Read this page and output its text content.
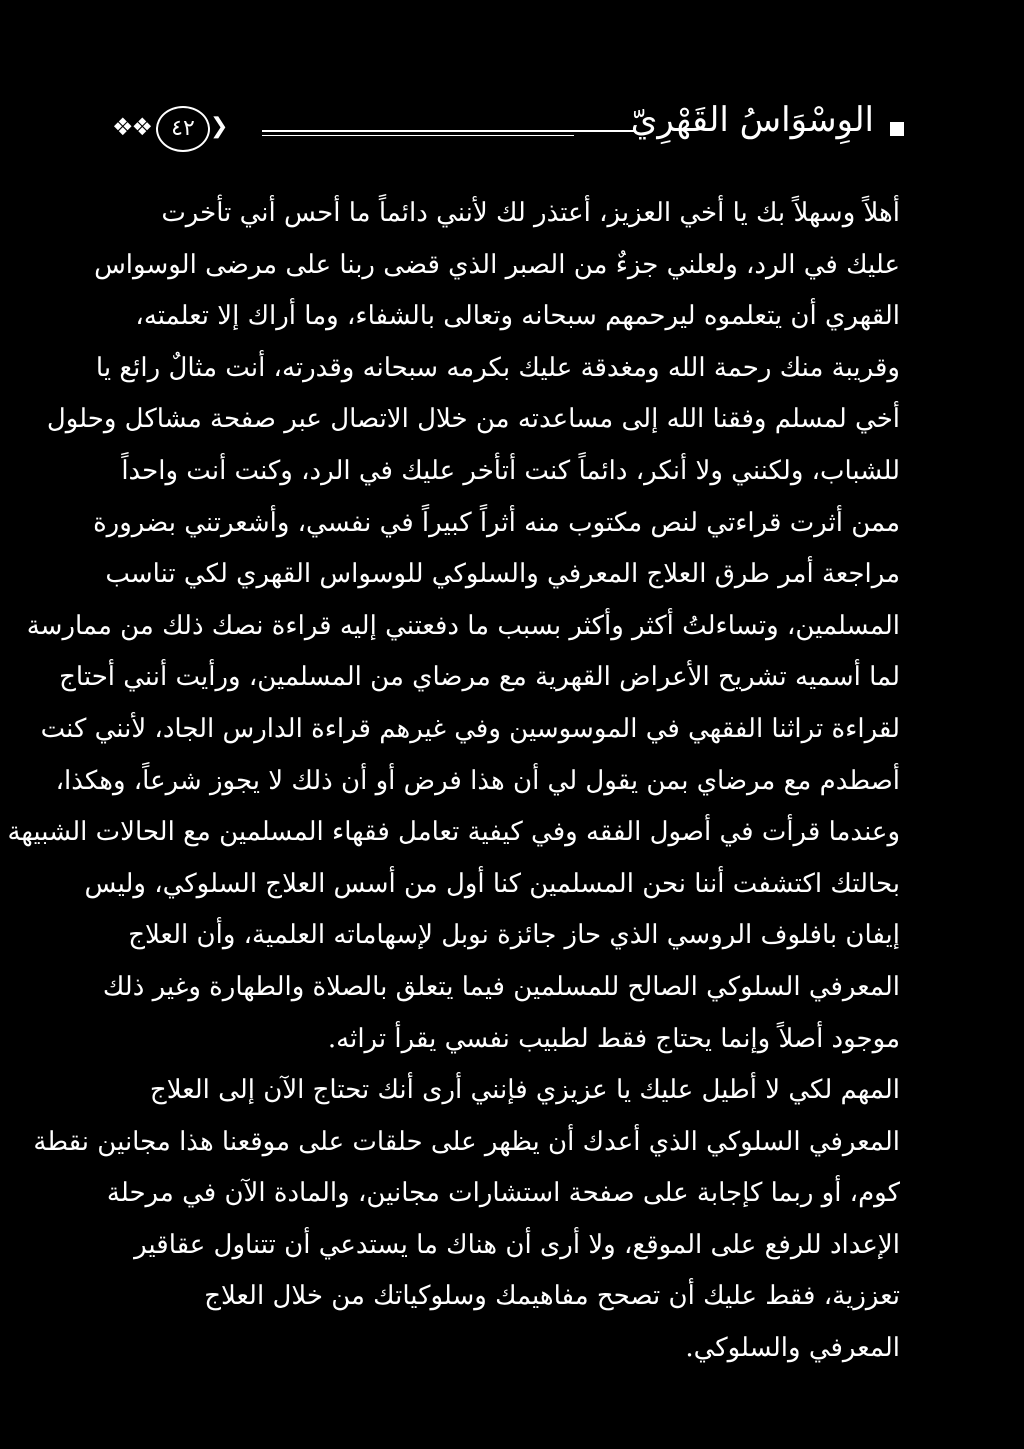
❖❖	❯
٤٢	الوِسْوَاسُ القَهْرِيّ

أهلاً وسهلاً بك يا أخي العزيز، أعتذر لك لأنني دائماً ما أحس أني تأخرت

عليك في الرد، ولعلني جزءٌ من الصبر الذي قضى ربنا على مرضى الوسواس

القهري أن يتعلموه ليرحمهم سبحانه وتعالى بالشفاء، وما أراك إلا تعلمته،

وقريبة منك رحمة الله ومغدقة عليك بكرمه سبحانه وقدرته، أنت مثالٌ رائع يا

أخي لمسلم وفقنا الله إلى مساعدته من خلال الاتصال عبر صفحة مشاكل وحلول

للشباب، ولكنني ولا أنكر، دائماً كنت أتأخر عليك في الرد، وكنت أنت واحداً

ممن أثرت قراءتي لنص مكتوب منه أثراً كبيراً في نفسي، وأشعرتني بضرورة

مراجعة أمر طرق العلاج المعرفي والسلوكي للوسواس القهري لكي تناسب

المسلمين، وتساءلتُ أكثر وأكثر بسبب ما دفعتني إليه قراءة نصك ذلك من ممارسة

لما أسميه تشريح الأعراض القهرية مع مرضاي من المسلمين، ورأيت أنني أحتاج

لقراءة تراثنا الفقهي في الموسوسين وفي غيرهم قراءة الدارس الجاد، لأنني كنت

أصطدم مع مرضاي بمن يقول لي أن هذا فرض أو أن ذلك لا يجوز شرعاً، وهكذا،

وعندما قرأت في أصول الفقه وفي كيفية تعامل فقهاء المسلمين مع الحالات الشبيهة

بحالتك اكتشفت أننا نحن المسلمين كنا أول من أسس العلاج السلوكي، وليس

إيفان بافلوف الروسي الذي حاز جائزة نوبل لإسهاماته العلمية، وأن العلاج

المعرفي السلوكي الصالح للمسلمين فيما يتعلق بالصلاة والطهارة وغير ذلك

موجود أصلاً وإنما يحتاج فقط لطبيب نفسي يقرأ تراثه.

المهم لكي لا أطيل عليك يا عزيزي فإنني أرى أنك تحتاج الآن إلى العلاج

المعرفي السلوكي الذي أعدك أن يظهر على حلقات على موقعنا هذا مجانين نقطة

كوم، أو ربما كإجابة على صفحة استشارات مجانين، والمادة الآن في مرحلة

الإعداد للرفع على الموقع، ولا أرى أن هناك ما يستدعي أن تتناول عقاقير

تعززية، فقط عليك أن تصحح مفاهيمك وسلوكياتك من خلال العلاج

المعرفي والسلوكي.
